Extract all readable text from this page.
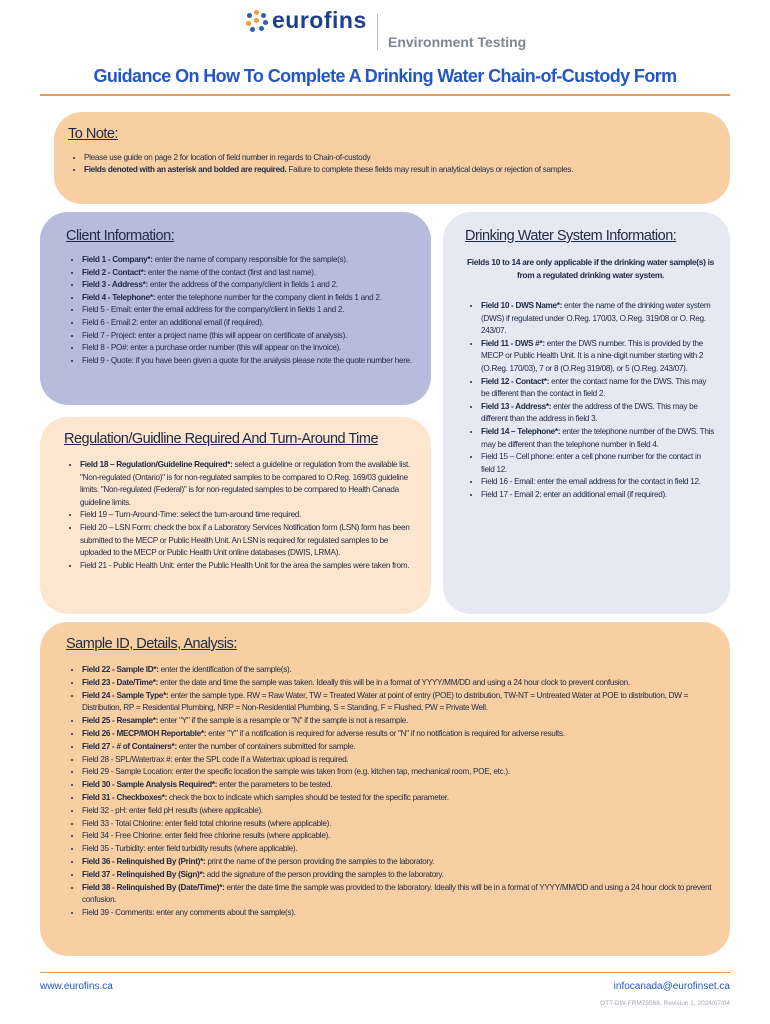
eurofins
Environment Testing
Guidance On How To Complete A Drinking Water Chain-of-Custody Form
To Note:
• Please use guide on page 2 for location of field number in regards to Chain-of-custody
• Fields denoted with an asterisk and bolded are required. Failure to complete these fields may result in analytical delays or rejection of samples.
Client Information:
• Field 1 - Company*: enter the name of company responsible for the sample(s).
• Field 2 - Contact*: enter the name of the contact (first and last name).
• Field 3 - Address*: enter the address of the company/client in fields 1 and 2.
• Field 4 - Telephone*: enter the telephone number for the company client in fields 1 and 2.
• Field 5 - Email: enter the email address for the company/client in fields 1 and 2.
• Field 6 - Email 2: enter an additional email (if required).
• Field 7 - Project: enter a project name (this will appear on certificate of analysis).
• Field 8 - PO#: enter a purchase order number (this will appear on the invoice).
• Field 9 - Quote: if you have been given a quote for the analysis please note the quote number here.
Drinking Water System Information:

Fields 10 to 14 are only applicable if the drinking water sample(s) is from a regulated drinking water system.

• Field 10 - DWS Name*: enter the name of the drinking water system (DWS) if regulated under O.Reg. 170/03, O.Reg. 319/08 or O. Reg. 243/07.
• Field 11 - DWS #*: enter the DWS number. This is provided by the MECP or Public Health Unit. It is a nine-digit number starting with 2 (O.Reg. 170/03), 7 or 8 (O.Reg 319/08), or 5 (O.Reg. 243/07).
• Field 12 - Contact*: enter the contact name for the DWS. This may be different than the contact in field 2.
• Field 13 - Address*: enter the address of the DWS. This may be different than the address in field 3.
• Field 14 – Telephone*: enter the telephone number of the DWS. This may be different than the telephone number in field 4.
• Field 15 – Cell phone: enter a cell phone number for the contact in field 12.
• Field 16 - Email: enter the email address for the contact in field 12.
• Field 17 - Email 2: enter an additional email (if required).
Regulation/Guidline Required And Turn-Around Time
• Field 18 – Regulation/Guideline Required*: select a guideline or regulation from the available list. "Non-regulated (Ontario)" is for non-regulated samples to be compared to O.Reg. 169/03 guideline limits. "Non-regulated (Federal)" is for non-regulated samples to be compared to Health Canada guideline limits.
• Field 19 – Turn-Around-Time: select the turn-around time required.
• Field 20 – LSN Form: check the box if a Laboratory Services Notification form (LSN) form has been submitted to the MECP or Public Health Unit. An LSN is required for regulated samples to be uploaded to the MECP or Public Health Unit online databases (DWIS, LRMA).
• Field 21 - Public Health Unit: enter the Public Health Unit for the area the samples were taken from.
Sample ID, Details, Analysis:
• Field 22 - Sample ID*: enter the identification of the sample(s).
• Field 23 - Date/Time*: enter the date and time the sample was taken. Ideally this will be in a format of YYYY/MM/DD and using a 24 hour clock to prevent confusion.
• Field 24 - Sample Type*: enter the sample type. RW = Raw Water, TW = Treated Water at point of entry (POE) to distribution, TW-NT = Untreated Water at POE to distribution, DW = Distribution, RP = Residential Plumbing, NRP = Non-Residential Plumbing, S = Standing, F = Flushed, PW = Private Well.
• Field 25 - Resample*: enter "Y" if the sample is a resample or "N" if the sample is not a resample.
• Field 26 - MECP/MOH Reportable*: enter "Y" if a notification is required for adverse results or "N" if no notification is required for adverse results.
• Field 27 - # of Containers*: enter the number of containers submitted for sample.
• Field 28 - SPL/Watertrax #: enter the SPL code if a Watertrax upload is required.
• Field 29 - Sample Location: enter the specific location the sample was taken from (e.g. kitchen tap, mechanical room, POE, etc.).
• Field 30 - Sample Analysis Required*: enter the parameters to be tested.
• Field 31 - Checkboxes*: check the box to indicate which samples should be tested for the specific parameter.
• Field 32 - pH: enter field pH results (where applicable).
• Field 33 - Total Chlorine: enter field total chlorine results (where applicable).
• Field 34 - Free Chlorine: enter field free chlorine results (where applicable).
• Field 35 - Turbidity: enter field turbidity results (where applicable).
• Field 36 - Relinquished By (Print)*: print the name of the person providing the samples to the laboratory.
• Field 37 - Relinquished By (Sign)*: add the signature of the person providing the samples to the laboratory.
• Field 38 - Relinquished By (Date/Time)*: enter the date time the sample was provided to the laboratory. Ideally this will be in a format of YYYY/MM/DD and using a 24 hour clock to prevent confusion.
• Field 39 - Comments: enter any comments about the sample(s).
www.eurofins.ca	infocanada@eurofinset.ca
OTT-DW-FRM73568, Revision 1, 2024/07/04
